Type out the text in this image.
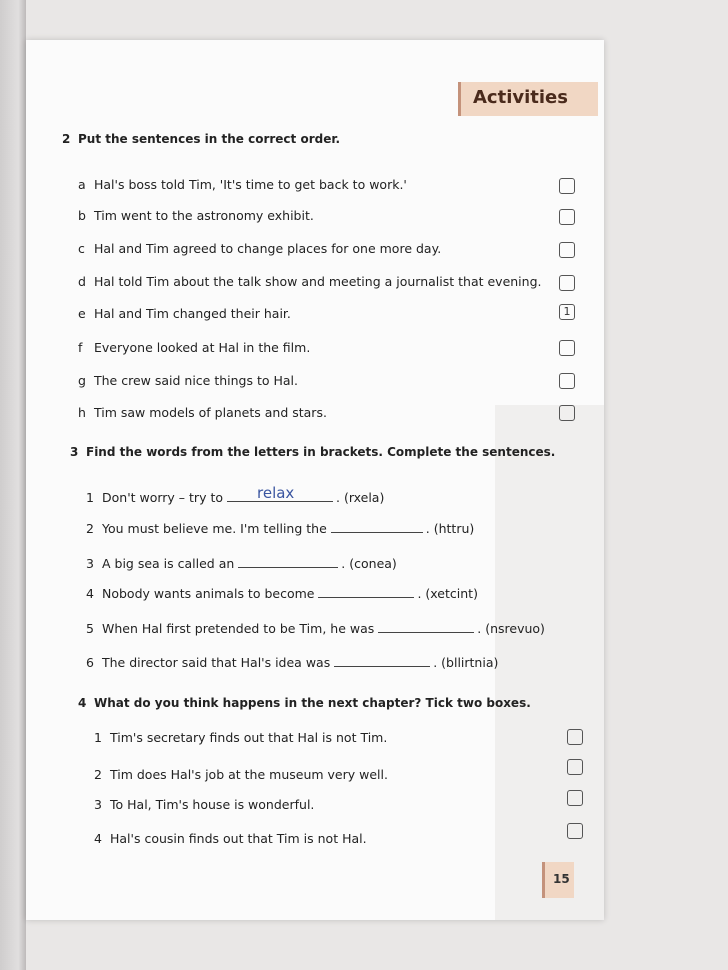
Activities
2 Put the sentences in the correct order.
a Hal's boss told Tim, 'It's time to get back to work.'
b Tim went to the astronomy exhibit.
c Hal and Tim agreed to change places for one more day.
d Hal told Tim about the talk show and meeting a journalist that evening.
e Hal and Tim changed their hair.	1
f Everyone looked at Hal in the film.
g The crew said nice things to Hal.
h Tim saw models of planets and stars.
3 Find the words from the letters in brackets. Complete the sentences.
1 Don't worry – try to relax	. (rxela)
2 You must believe me. I'm telling the	. (httru)
3 A big sea is called an	. (conea)
4 Nobody wants animals to become	. (xetcint)
5 When Hal first pretended to be Tim, he was	. (nsrevuo)
6 The director said that Hal's idea was	. (bllirtnia)
4 What do you think happens in the next chapter? Tick two boxes.
1 Tim's secretary finds out that Hal is not Tim.
2 Tim does Hal's job at the museum very well.
3 To Hal, Tim's house is wonderful.
4 Hal's cousin finds out that Tim is not Hal.
15
